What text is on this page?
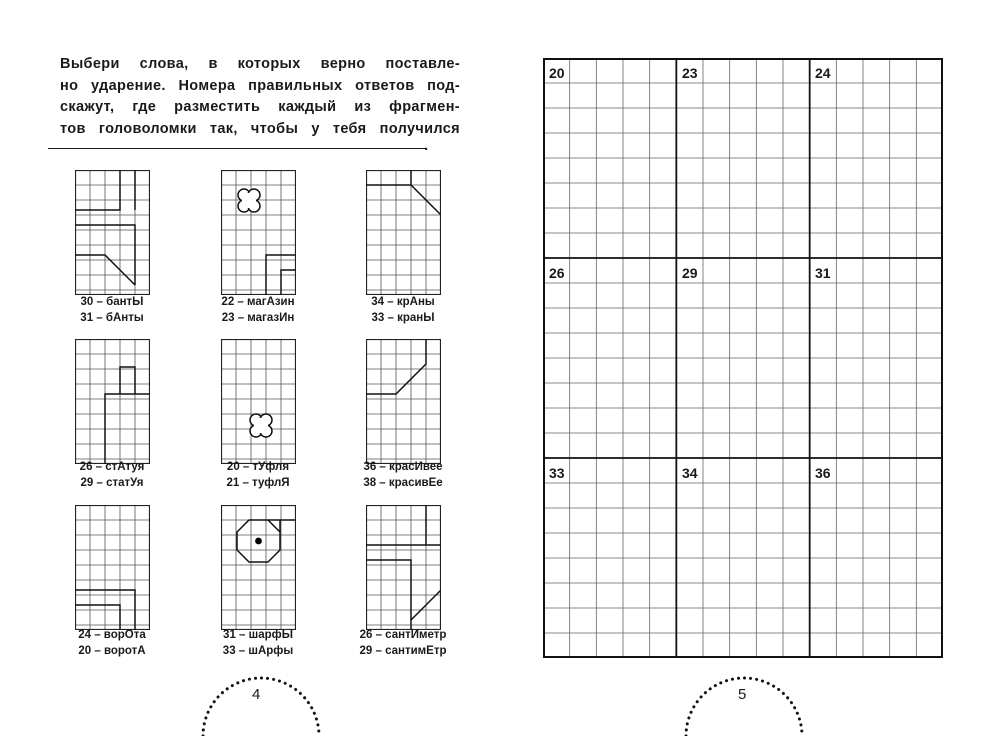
Выбери слова, в которых верно поставле-

но ударение. Номера правильных ответов под-

скажут, где разместить каждый из фрагмен-

тов головоломки так, чтобы у тебя получился

.
30 – бантЫ
31 – бАнты
22 – магАзин
23 – магазИн
34 – крАны
33 – кранЫ
26 – стАтуя
29 – статУя
20 – тУфля
21 – туфлЯ
36 – красИвее
38 – красивЕе
24 – ворОта
20 – воротА
31 – шарфЫ
33 – шАрфы
26 – сантИметр
29 – сантимЕтр
20	23	24
26	29	31
33	34	36
4	5
